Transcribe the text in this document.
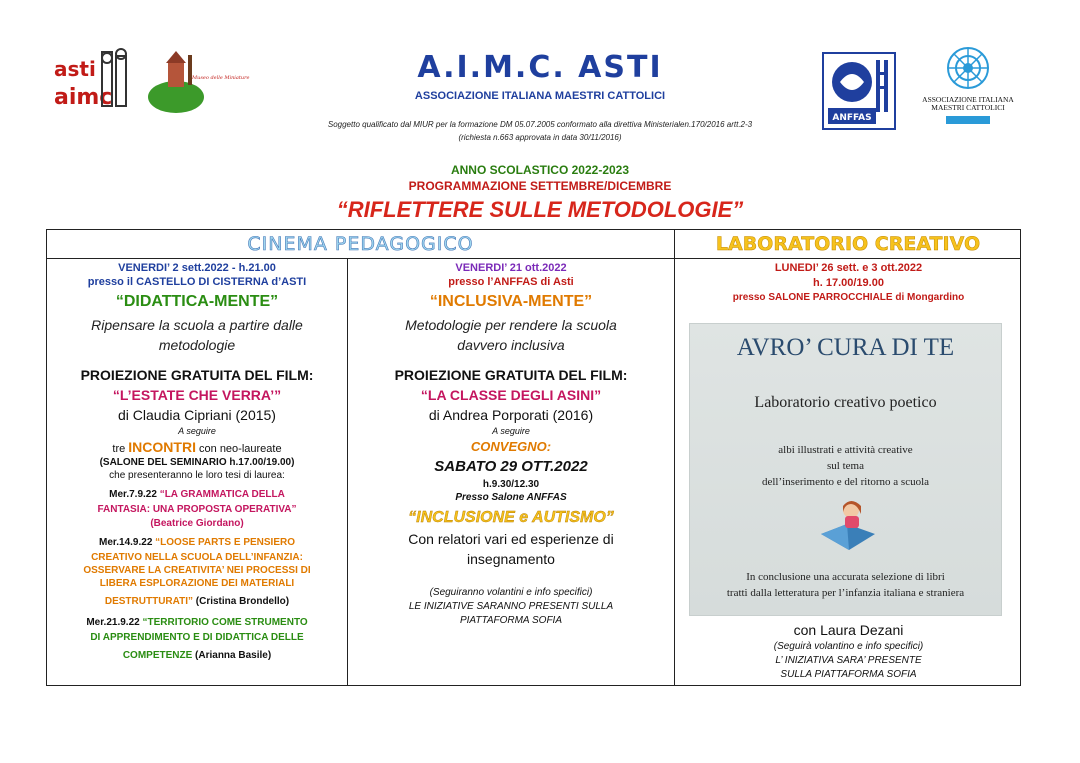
asti
aimc
Museo delle Miniature	A.I.M.C. ASTI
ASSOCIAZIONE ITALIANA MAESTRI CATTOLICI
Soggetto qualificato dal MIUR per la formazione DM 05.07.2005 conformato alla direttiva Ministerialen.170/2016 artt.2-3
(richiesta n.663 approvata in data 30/11/2016)
ANFFAS
ASSOCIAZIONE ITALIANA
MAESTRI CATTOLICI
ANNO SCOLASTICO 2022-2023
PROGRAMMAZIONE SETTEMBRE/DICEMBRE
“RIFLETTERE SULLE METODOLOGIE”
CINEMA PEDAGOGICO	LABORATORIO CREATIVO
VENERDI’ 2 sett.2022 - h.21.00
presso il CASTELLO DI CISTERNA d’ASTI
“DIDATTICA-MENTE”
Ripensare la scuola a partire dalle
metodologie
PROIEZIONE GRATUITA DEL FILM:
“L’ESTATE CHE VERRA’”
di Claudia Cipriani (2015)
A seguire
tre INCONTRI con neo-laureate
(SALONE DEL SEMINARIO h.17.00/19.00)
che presenteranno le loro tesi di laurea:
Mer.7.9.22 “LA GRAMMATICA DELLA
FANTASIA: UNA PROPOSTA OPERATIVA”
(Beatrice Giordano)
Mer.14.9.22 “LOOSE PARTS E PENSIERO
CREATIVO NELLA SCUOLA DELL’INFANZIA:
OSSERVARE LA CREATIVITA’ NEI PROCESSI DI
LIBERA ESPLORAZIONE DEI MATERIALI
DESTRUTTURATI” (Cristina Brondello)
Mer.21.9.22 “TERRITORIO COME STRUMENTO
DI APPRENDIMENTO E DI DIDATTICA DELLE
COMPETENZE (Arianna Basile)
VENERDI’ 21 ott.2022
presso l’ANFFAS di Asti
“INCLUSIVA-MENTE”
Metodologie per rendere la scuola
davvero inclusiva
PROIEZIONE GRATUITA DEL FILM:
“LA CLASSE DEGLI ASINI”
di Andrea Porporati (2016)
A seguire
CONVEGNO:
SABATO 29 OTT.2022
h.9.30/12.30
Presso Salone ANFFAS
“INCLUSIONE e AUTISMO”
Con relatori vari ed esperienze di
insegnamento
(Seguiranno volantini e info specifici)
LE INIZIATIVE SARANNO PRESENTI SULLA
PIATTAFORMA SOFIA
LUNEDI’ 26 sett. e 3 ott.2022
h. 17.00/19.00
presso SALONE PARROCCHIALE di Mongardino
AVRO’ CURA DI TE
Laboratorio creativo poetico
albi illustrati e attività creative
sul tema
dell’inserimento e del ritorno a scuola
In conclusione una accurata selezione di libri
tratti dalla letteratura per l’infanzia italiana e straniera
con Laura Dezani
(Seguirà volantino e info specifici)
L’ INIZIATIVA SARA’ PRESENTE
SULLA PIATTAFORMA SOFIA
